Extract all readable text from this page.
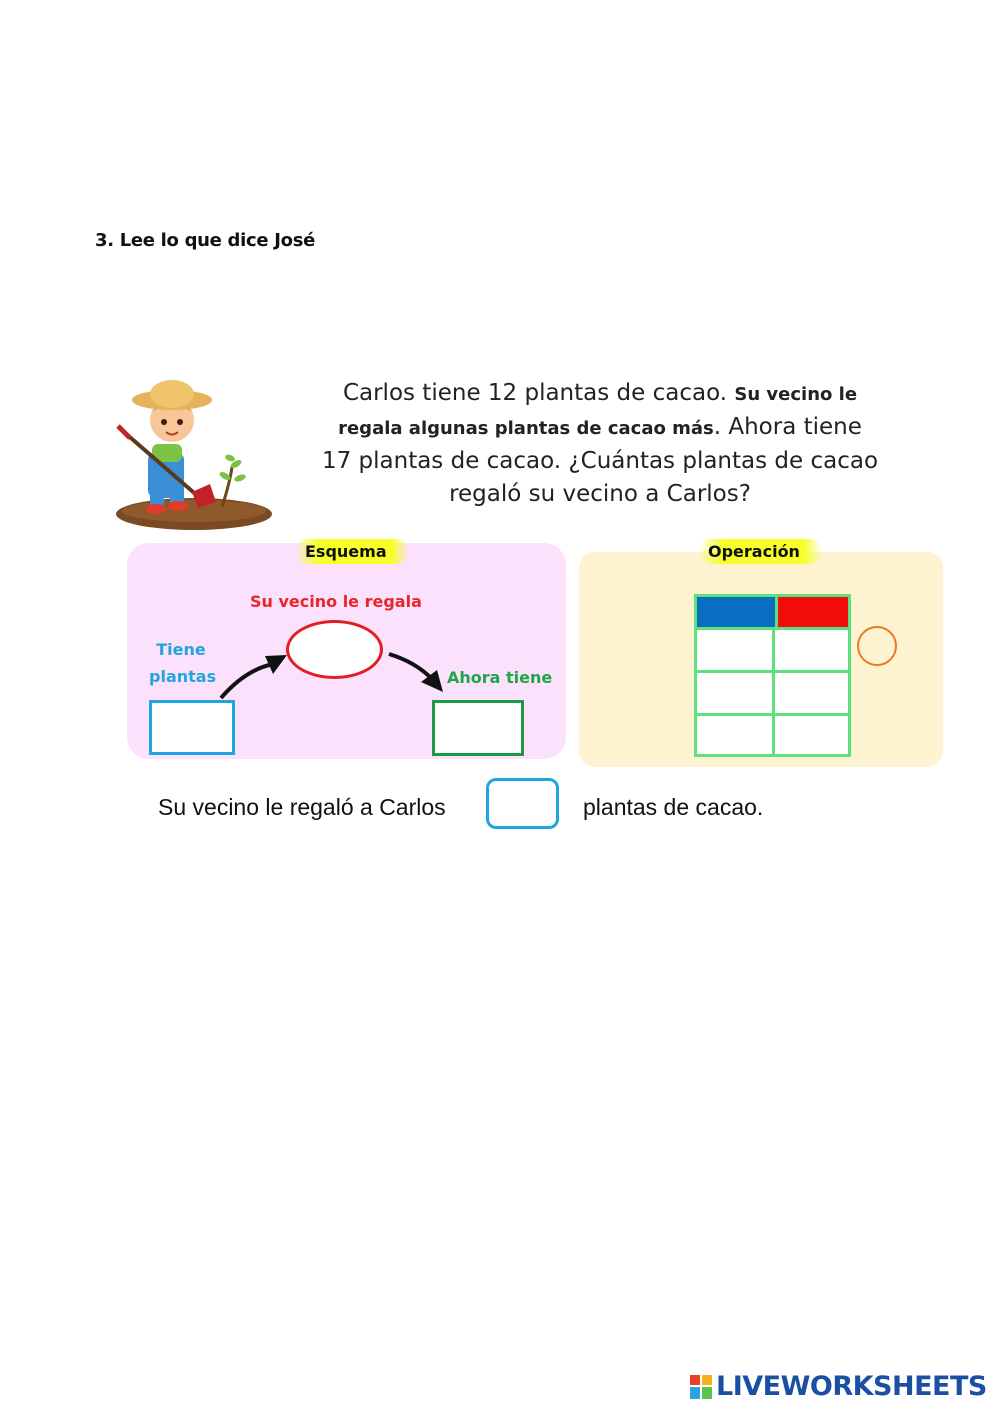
3. Lee lo que dice José
Carlos tiene 12 plantas de cacao. Su vecino le regala algunas plantas de cacao más. Ahora tiene 17 plantas de cacao. ¿Cuántas plantas de cacao regaló su vecino a Carlos?
Esquema
Su vecino le regala
Tiene plantas	Ahora tiene
Operación
Su vecino le regaló a Carlos	plantas de cacao.
LIVEWORKSHEETS
